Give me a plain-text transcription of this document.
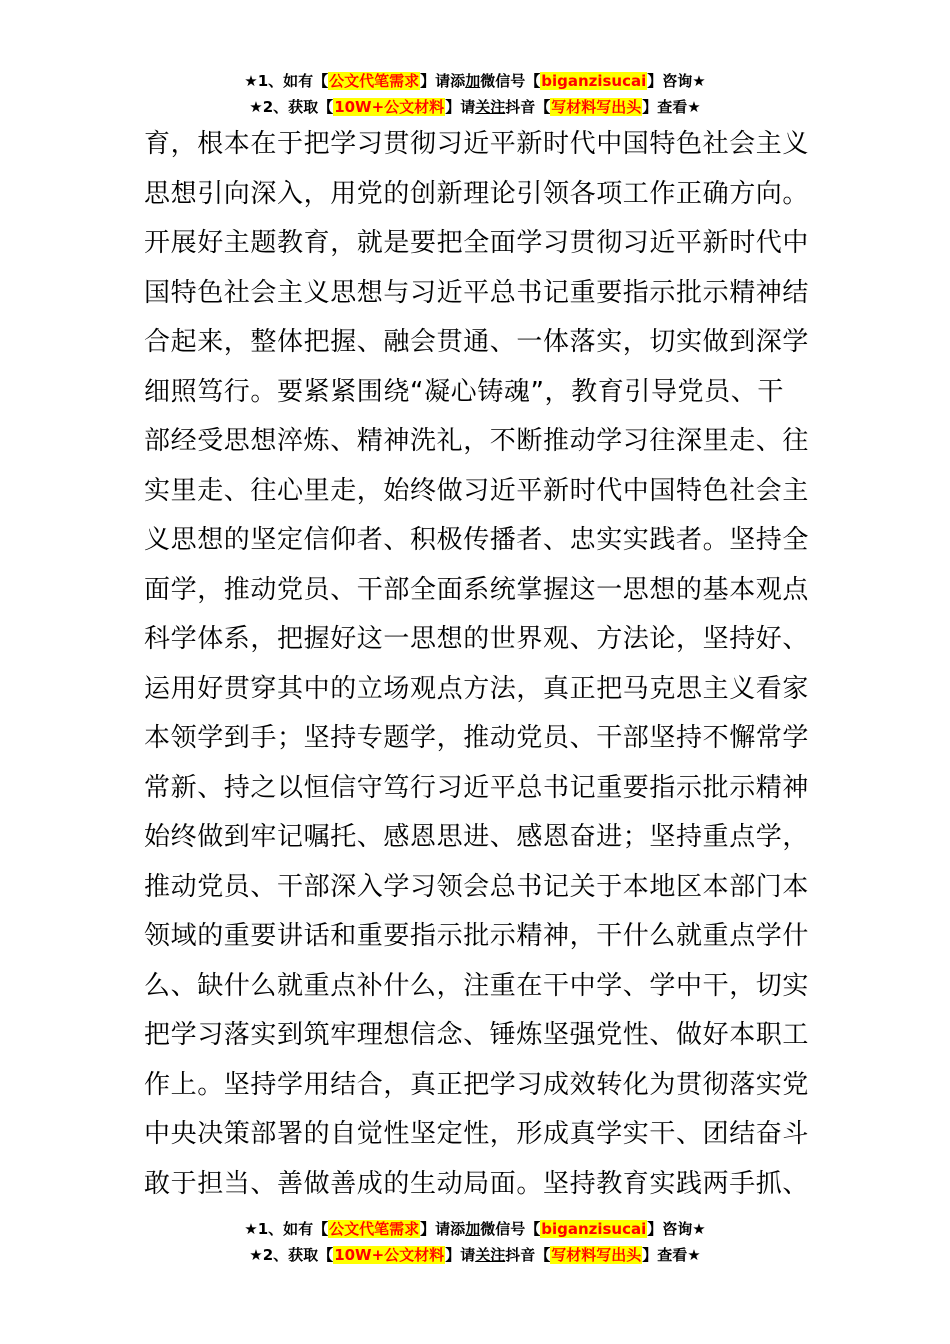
★1、如有【公文代笔需求】请添加微信号【biganzisucai】咨询★
★2、获取【10W+公文材料】请关注抖音【写材料写出头】查看★
育，根本在于把学习贯彻习近平新时代中国特色社会主义
思想引向深入，用党的创新理论引领各项工作正确方向。
开展好主题教育，就是要把全面学习贯彻习近平新时代中
国特色社会主义思想与习近平总书记重要指示批示精神结
合起来，整体把握、融会贯通、一体落实，切实做到深学
细照笃行。要紧紧围绕“凝心铸魂”，教育引导党员、干
部经受思想淬炼、精神洗礼，不断推动学习往深里走、往
实里走、往心里走，始终做习近平新时代中国特色社会主
义思想的坚定信仰者、积极传播者、忠实实践者。坚持全
面学，推动党员、干部全面系统掌握这一思想的基本观点
科学体系，把握好这一思想的世界观、方法论，坚持好、
运用好贯穿其中的立场观点方法，真正把马克思主义看家
本领学到手；坚持专题学，推动党员、干部坚持不懈常学
常新、持之以恒信守笃行习近平总书记重要指示批示精神
始终做到牢记嘱托、感恩思进、感恩奋进；坚持重点学，
推动党员、干部深入学习领会总书记关于本地区本部门本
领域的重要讲话和重要指示批示精神，干什么就重点学什
么、缺什么就重点补什么，注重在干中学、学中干，切实
把学习落实到筑牢理想信念、锤炼坚强党性、做好本职工
作上。坚持学用结合，真正把学习成效转化为贯彻落实党
中央决策部署的自觉性坚定性，形成真学实干、团结奋斗
敢于担当、善做善成的生动局面。坚持教育实践两手抓、
★1、如有【公文代笔需求】请添加微信号【biganzisucai】咨询★
★2、获取【10W+公文材料】请关注抖音【写材料写出头】查看★
